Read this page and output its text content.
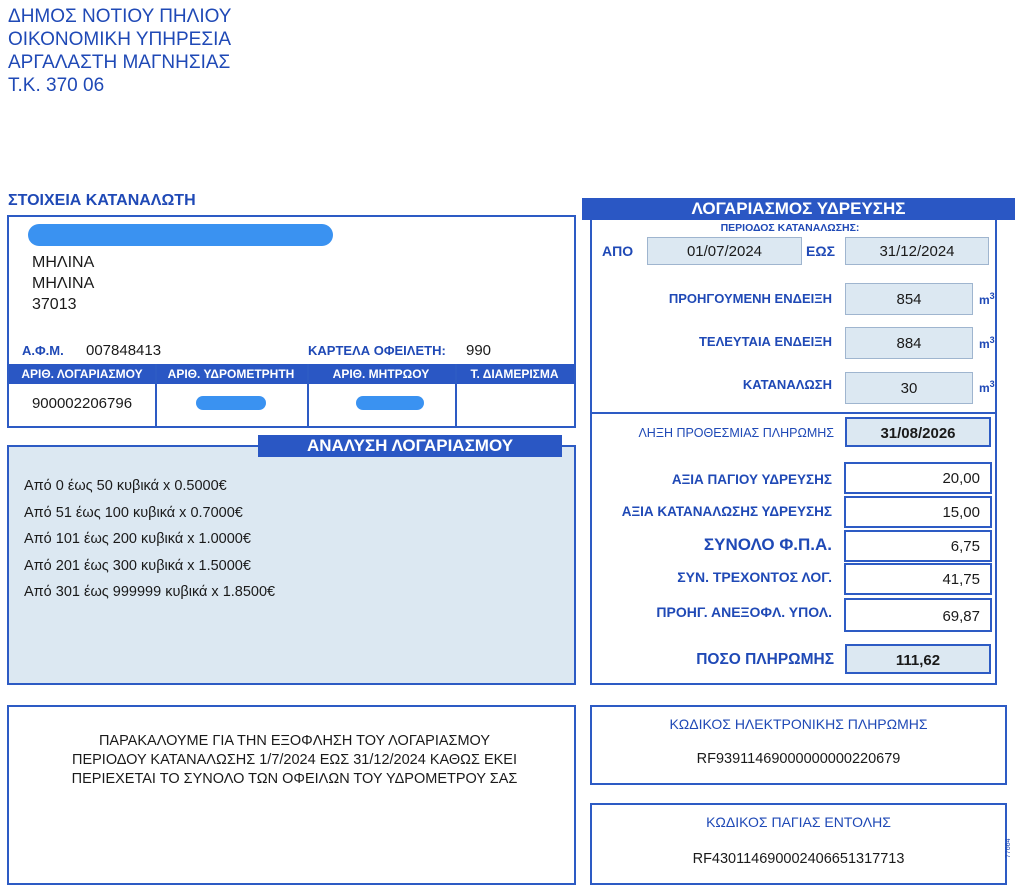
ΔΗΜΟΣ ΝΟΤΙΟΥ ΠΗΛΙΟΥ
ΟΙΚΟΝΟΜΙΚΗ ΥΠΗΡΕΣΙΑ
ΑΡΓΑΛΑΣΤΗ ΜΑΓΝΗΣΙΑΣ
Τ.Κ. 370 06
ΣΤΟΙΧΕΙΑ ΚΑΤΑΝΑΛΩΤΗ
ΜΗΛΙΝΑ
ΜΗΛΙΝΑ
37013
Α.Φ.Μ. 007848413	ΚΑΡΤΕΛΑ ΟΦΕΙΛΕΤΗ: 990
ΑΡΙΘ. ΛΟΓΑΡΙΑΣΜΟΥ	ΑΡΙΘ. ΥΔΡΟΜΕΤΡΗΤΗ	ΑΡΙΘ. ΜΗΤΡΩΟΥ	Τ. ΔΙΑΜΕΡΙΣΜΑ
900002206796
ΑΝΑΛΥΣΗ ΛΟΓΑΡΙΑΣΜΟΥ
Από 0 έως 50 κυβικά x 0.5000€
Από 51 έως 100 κυβικά x 0.7000€
Από 101 έως 200 κυβικά x 1.0000€
Από 201 έως 300 κυβικά x 1.5000€
Από 301 έως 999999 κυβικά x 1.8500€
ΛΟΓΑΡΙΑΣΜΟΣ ΥΔΡΕΥΣΗΣ
ΠΕΡΙΟΔΟΣ ΚΑΤΑΝΑΛΩΣΗΣ:
ΑΠΟ	01/07/2024	ΕΩΣ	31/12/2024
ΠΡΟΗΓΟΥΜΕΝΗ ΕΝΔΕΙΞΗ	854	$m^3$
ΤΕΛΕΥΤΑΙΑ ΕΝΔΕΙΞΗ	884	$m^3$
ΚΑΤΑΝΑΛΩΣΗ	30	$m^3$
ΛΗΞΗ ΠΡΟΘΕΣΜΙΑΣ ΠΛΗΡΩΜΗΣ	31/08/2026
ΑΞΙΑ ΠΑΓΙΟΥ ΥΔΡΕΥΣΗΣ	20,00
ΑΞΙΑ ΚΑΤΑΝΑΛΩΣΗΣ ΥΔΡΕΥΣΗΣ	15,00
ΣΥΝΟΛΟ Φ.Π.Α.	6,75
ΣΥΝ. ΤΡΕΧΟΝΤΟΣ ΛΟΓ.	41,75
ΠΡΟΗΓ. ΑΝΕΞΟΦΛ. ΥΠΟΛ.	69,87
ΠΟΣΟ ΠΛΗΡΩΜΗΣ	111,62
ΠΑΡΑΚΑΛΟΥΜΕ ΓΙΑ ΤΗΝ ΕΞΟΦΛΗΣΗ ΤΟΥ ΛΟΓΑΡΙΑΣΜΟΥ
ΠΕΡΙΟΔΟΥ ΚΑΤΑΝΑΛΩΣΗΣ 1/7/2024 ΕΩΣ 31/12/2024 ΚΑΘΩΣ ΕΚΕΙ
ΠΕΡΙΕΧΕΤΑΙ ΤΟ ΣΥΝΟΛΟ ΤΩΝ ΟΦΕΙΛΩΝ ΤΟΥ ΥΔΡΟΜΕΤΡΟΥ ΣΑΣ
ΚΩΔΙΚΟΣ ΗΛΕΚΤΡΟΝΙΚΗΣ ΠΛΗΡΩΜΗΣ
RF93911469000000000220679
ΚΩΔΙΚΟΣ ΠΑΓΙΑΣ ΕΝΤΟΛΗΣ
RF430114690002406651317713
77664
